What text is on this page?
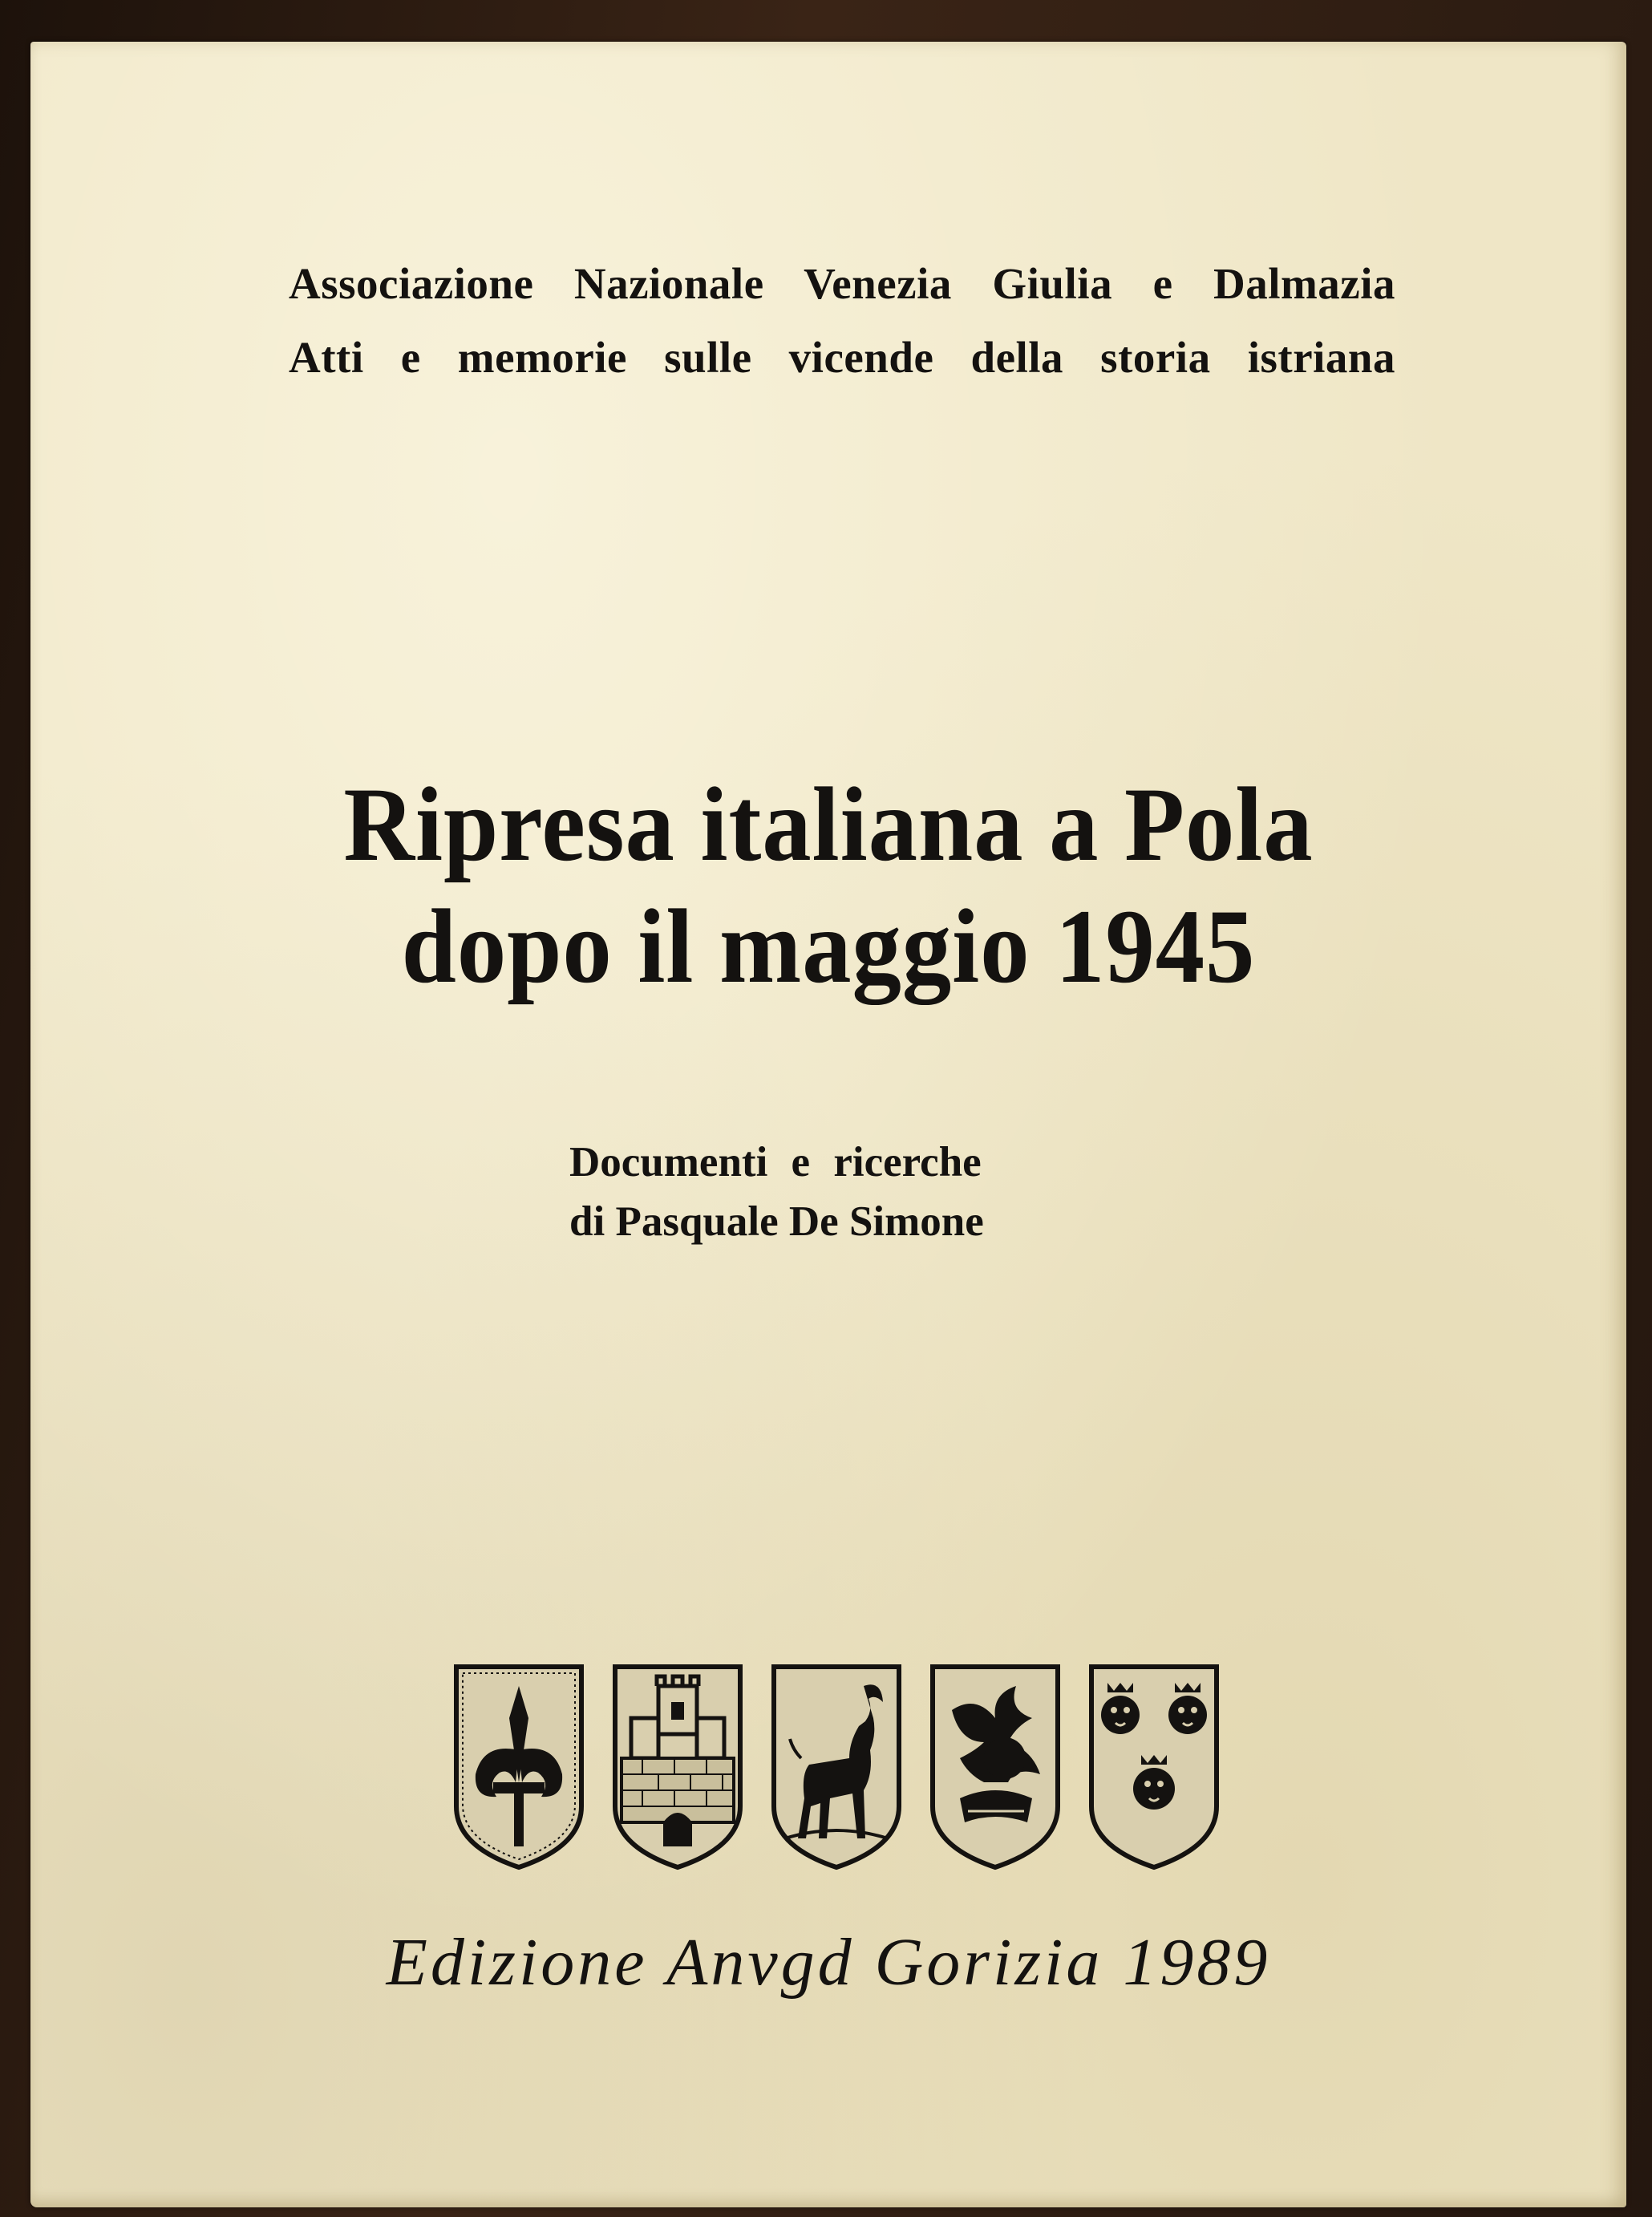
Associazione Nazionale Venezia Giulia e Dalmazia
Atti e memorie sulle vicende della storia istriana
Ripresa italiana a Pola
dopo il maggio 1945
Documenti e ricerche
di Pasquale De Simone
Edizione Anvgd Gorizia 1989
